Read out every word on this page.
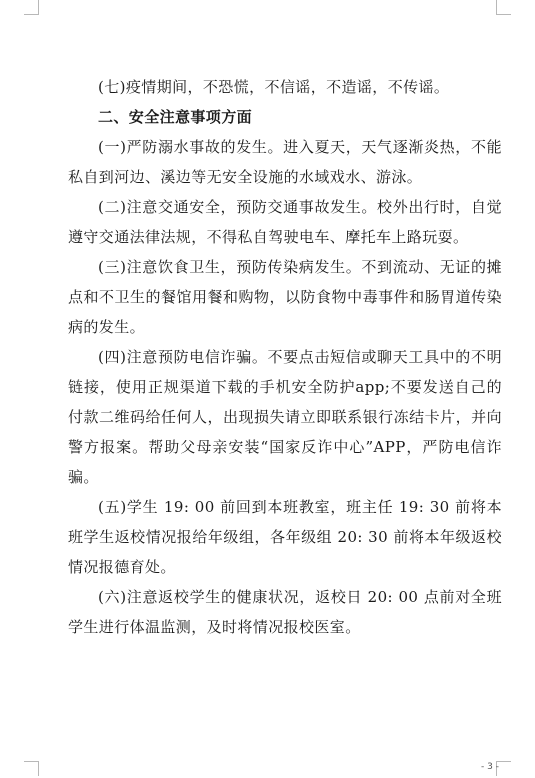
(七)疫情期间，不恐慌，不信谣，不造谣，不传谣。

二、安全注意事项方面

(一)严防溺水事故的发生。进入夏天，天气逐渐炎热，不能私自到河边、溪边等无安全设施的水域戏水、游泳。

(二)注意交通安全，预防交通事故发生。校外出行时，自觉遵守交通法律法规，不得私自驾驶电车、摩托车上路玩耍。

(三)注意饮食卫生，预防传染病发生。不到流动、无证的摊点和不卫生的餐馆用餐和购物，以防食物中毒事件和肠胃道传染病的发生。

(四)注意预防电信诈骗。不要点击短信或聊天工具中的不明链接，使用正规渠道下载的手机安全防护app;不要发送自己的付款二维码给任何人，出现损失请立即联系银行冻结卡片，并向警方报案。帮助父母亲安装“国家反诈中心”APP，严防电信诈骗。

(五)学生 19: 00 前回到本班教室，班主任 19: 30 前将本班学生返校情况报给年级组，各年级组 20: 30 前将本年级返校情况报德育处。

(六)注意返校学生的健康状况，返校日 20: 00 点前对全班学生进行体温监测，及时将情况报校医室。

- 3 -
